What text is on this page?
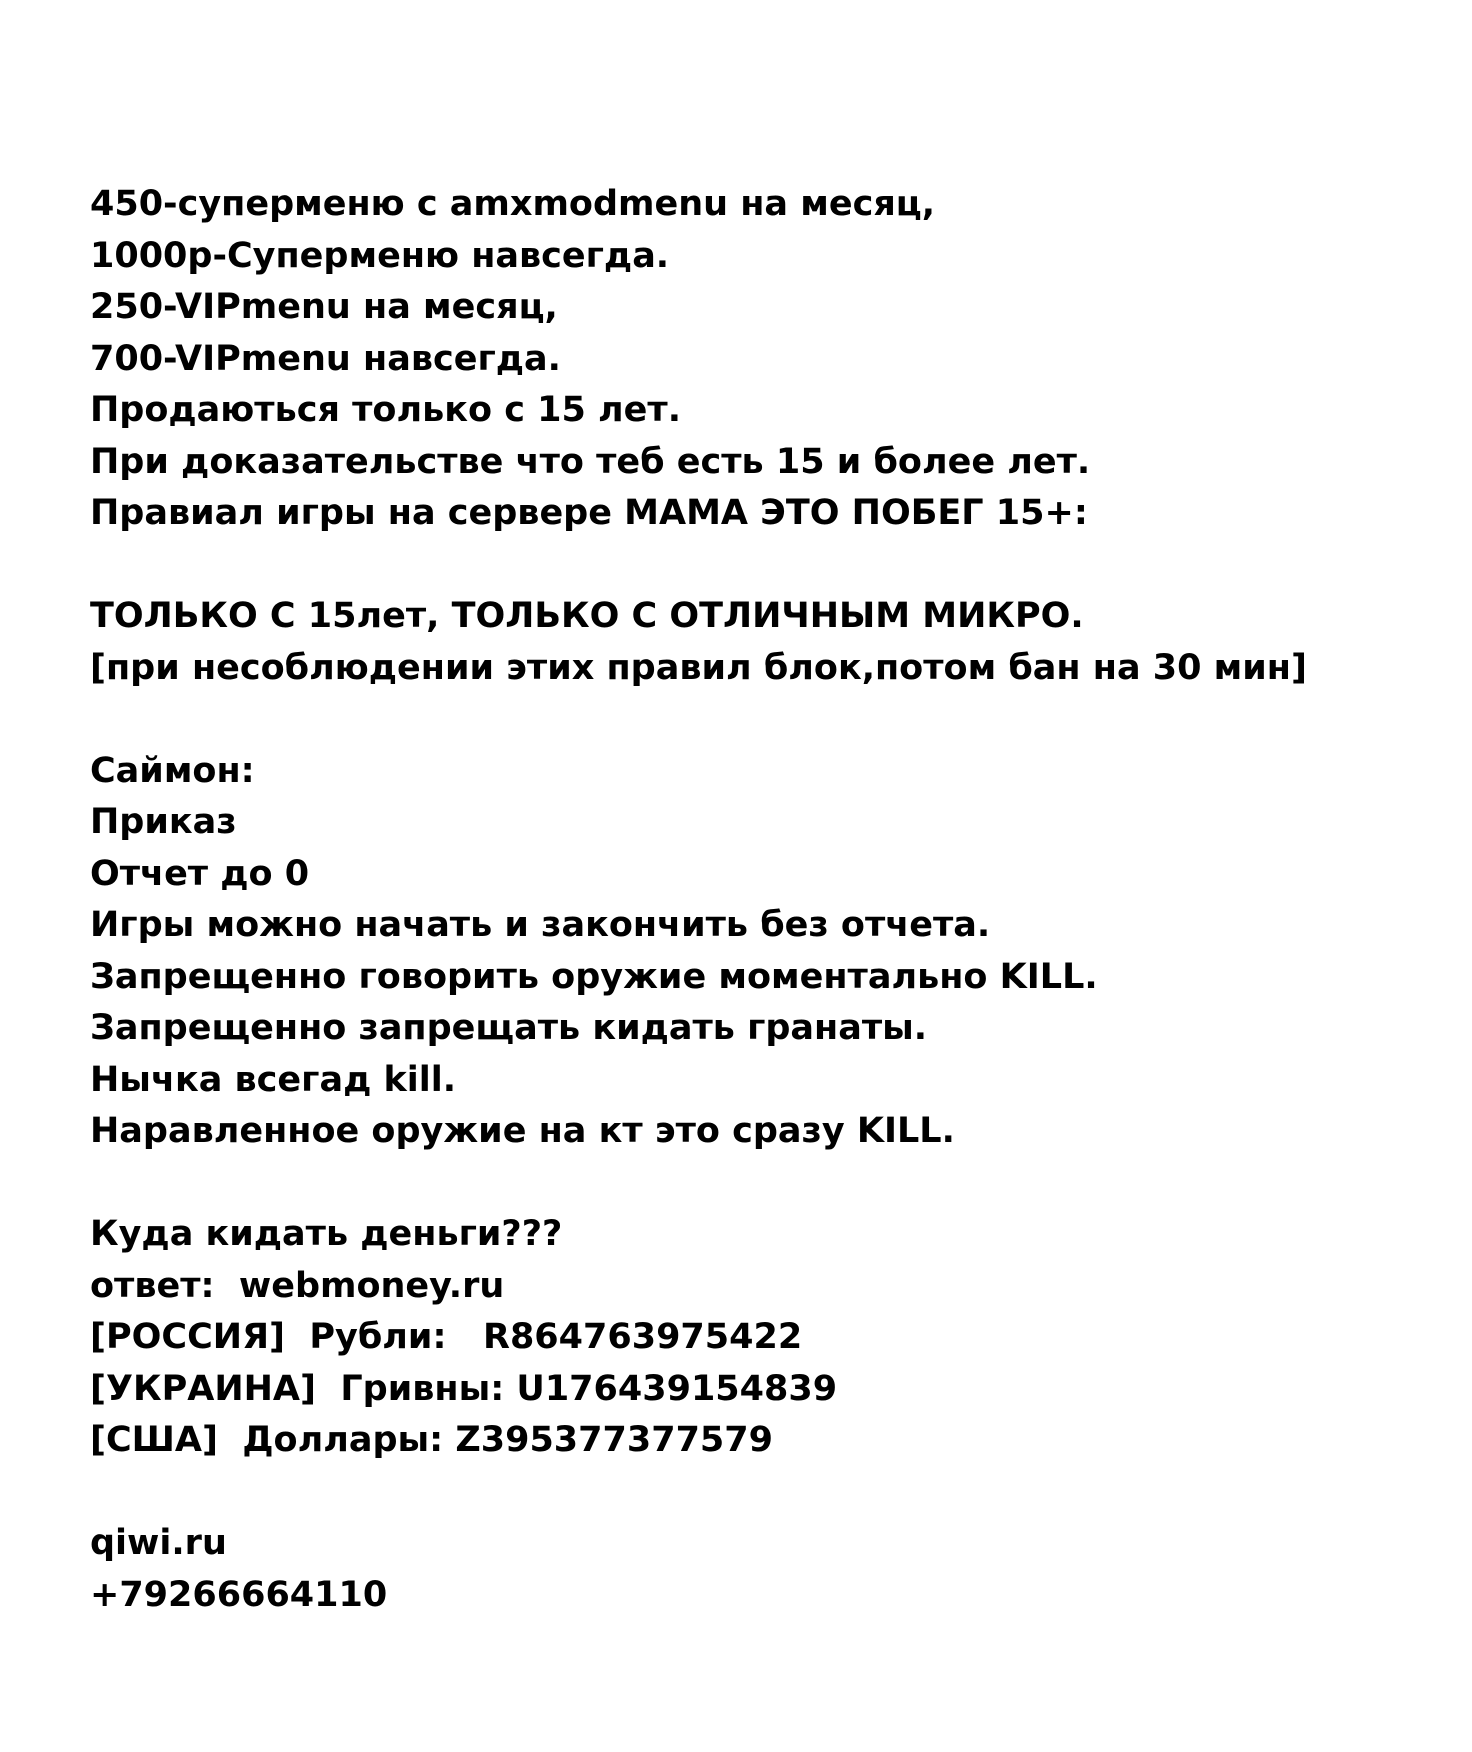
450-суперменю с amxmodmenu на месяц,
1000р-Суперменю навсегда.
250-VIPmenu на месяц,
700-VIPmenu навсегда.
Продаються только с 15 лет.
При доказательстве что теб есть 15 и более лет.
Правиал игры на сервере МАМА ЭТО ПОБЕГ 15+:
ТОЛЬКО С 15лет, ТОЛЬКО С ОТЛИЧНЫМ МИКРО.
[при несоблюдении этих правил блок,потом бан на 30 мин]
Саймон:
Приказ
Отчет до 0
Игры можно начать и закончить без отчета.
Запрещенно говорить оружие моментально KILL.
Запрещенно запрещать кидать гранаты.
Нычка всегад kill.
Наравленное оружие на кт это сразу KILL.
Куда кидать деньги???
ответ:  webmoney.ru
[РОССИЯ]  Рубли:   R864763975422
[УКРАИНА]  Гривны: U176439154839
[США]  Доллары: Z395377377579
qiwi.ru
+79266664110
